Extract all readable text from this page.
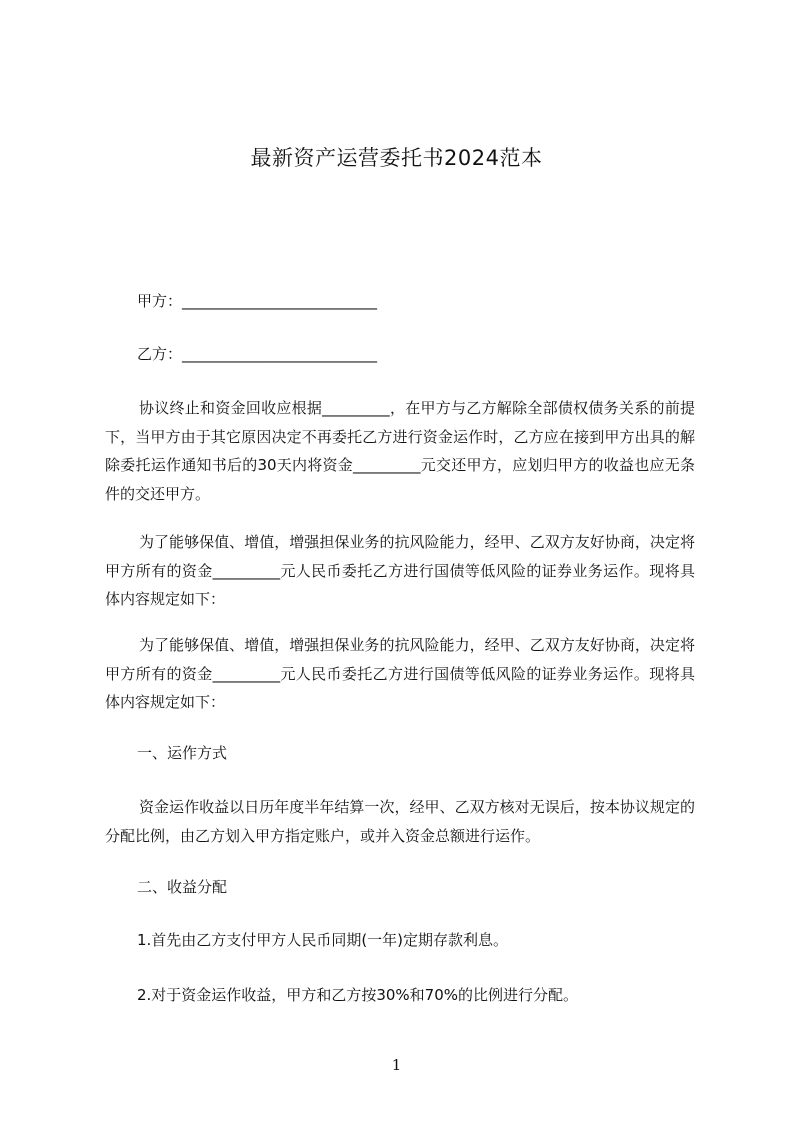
最新资产运营委托书2024范本
甲方：__________________________
乙方：__________________________
协议终止和资金回收应根据_________，在甲方与乙方解除全部债权债务关系的前提下，当甲方由于其它原因决定不再委托乙方进行资金运作时，乙方应在接到甲方出具的解除委托运作通知书后的30天内将资金_________元交还甲方，应划归甲方的收益也应无条件的交还甲方。
为了能够保值、增值，增强担保业务的抗风险能力，经甲、乙双方友好协商，决定将甲方所有的资金_________元人民币委托乙方进行国债等低风险的证券业务运作。现将具体内容规定如下：
为了能够保值、增值，增强担保业务的抗风险能力，经甲、乙双方友好协商，决定将甲方所有的资金_________元人民币委托乙方进行国债等低风险的证券业务运作。现将具体内容规定如下：
一、运作方式
资金运作收益以日历年度半年结算一次，经甲、乙双方核对无误后，按本协议规定的分配比例，由乙方划入甲方指定账户，或并入资金总额进行运作。
二、收益分配
1.首先由乙方支付甲方人民币同期(一年)定期存款利息。
2.对于资金运作收益，甲方和乙方按30%和70%的比例进行分配。
1
